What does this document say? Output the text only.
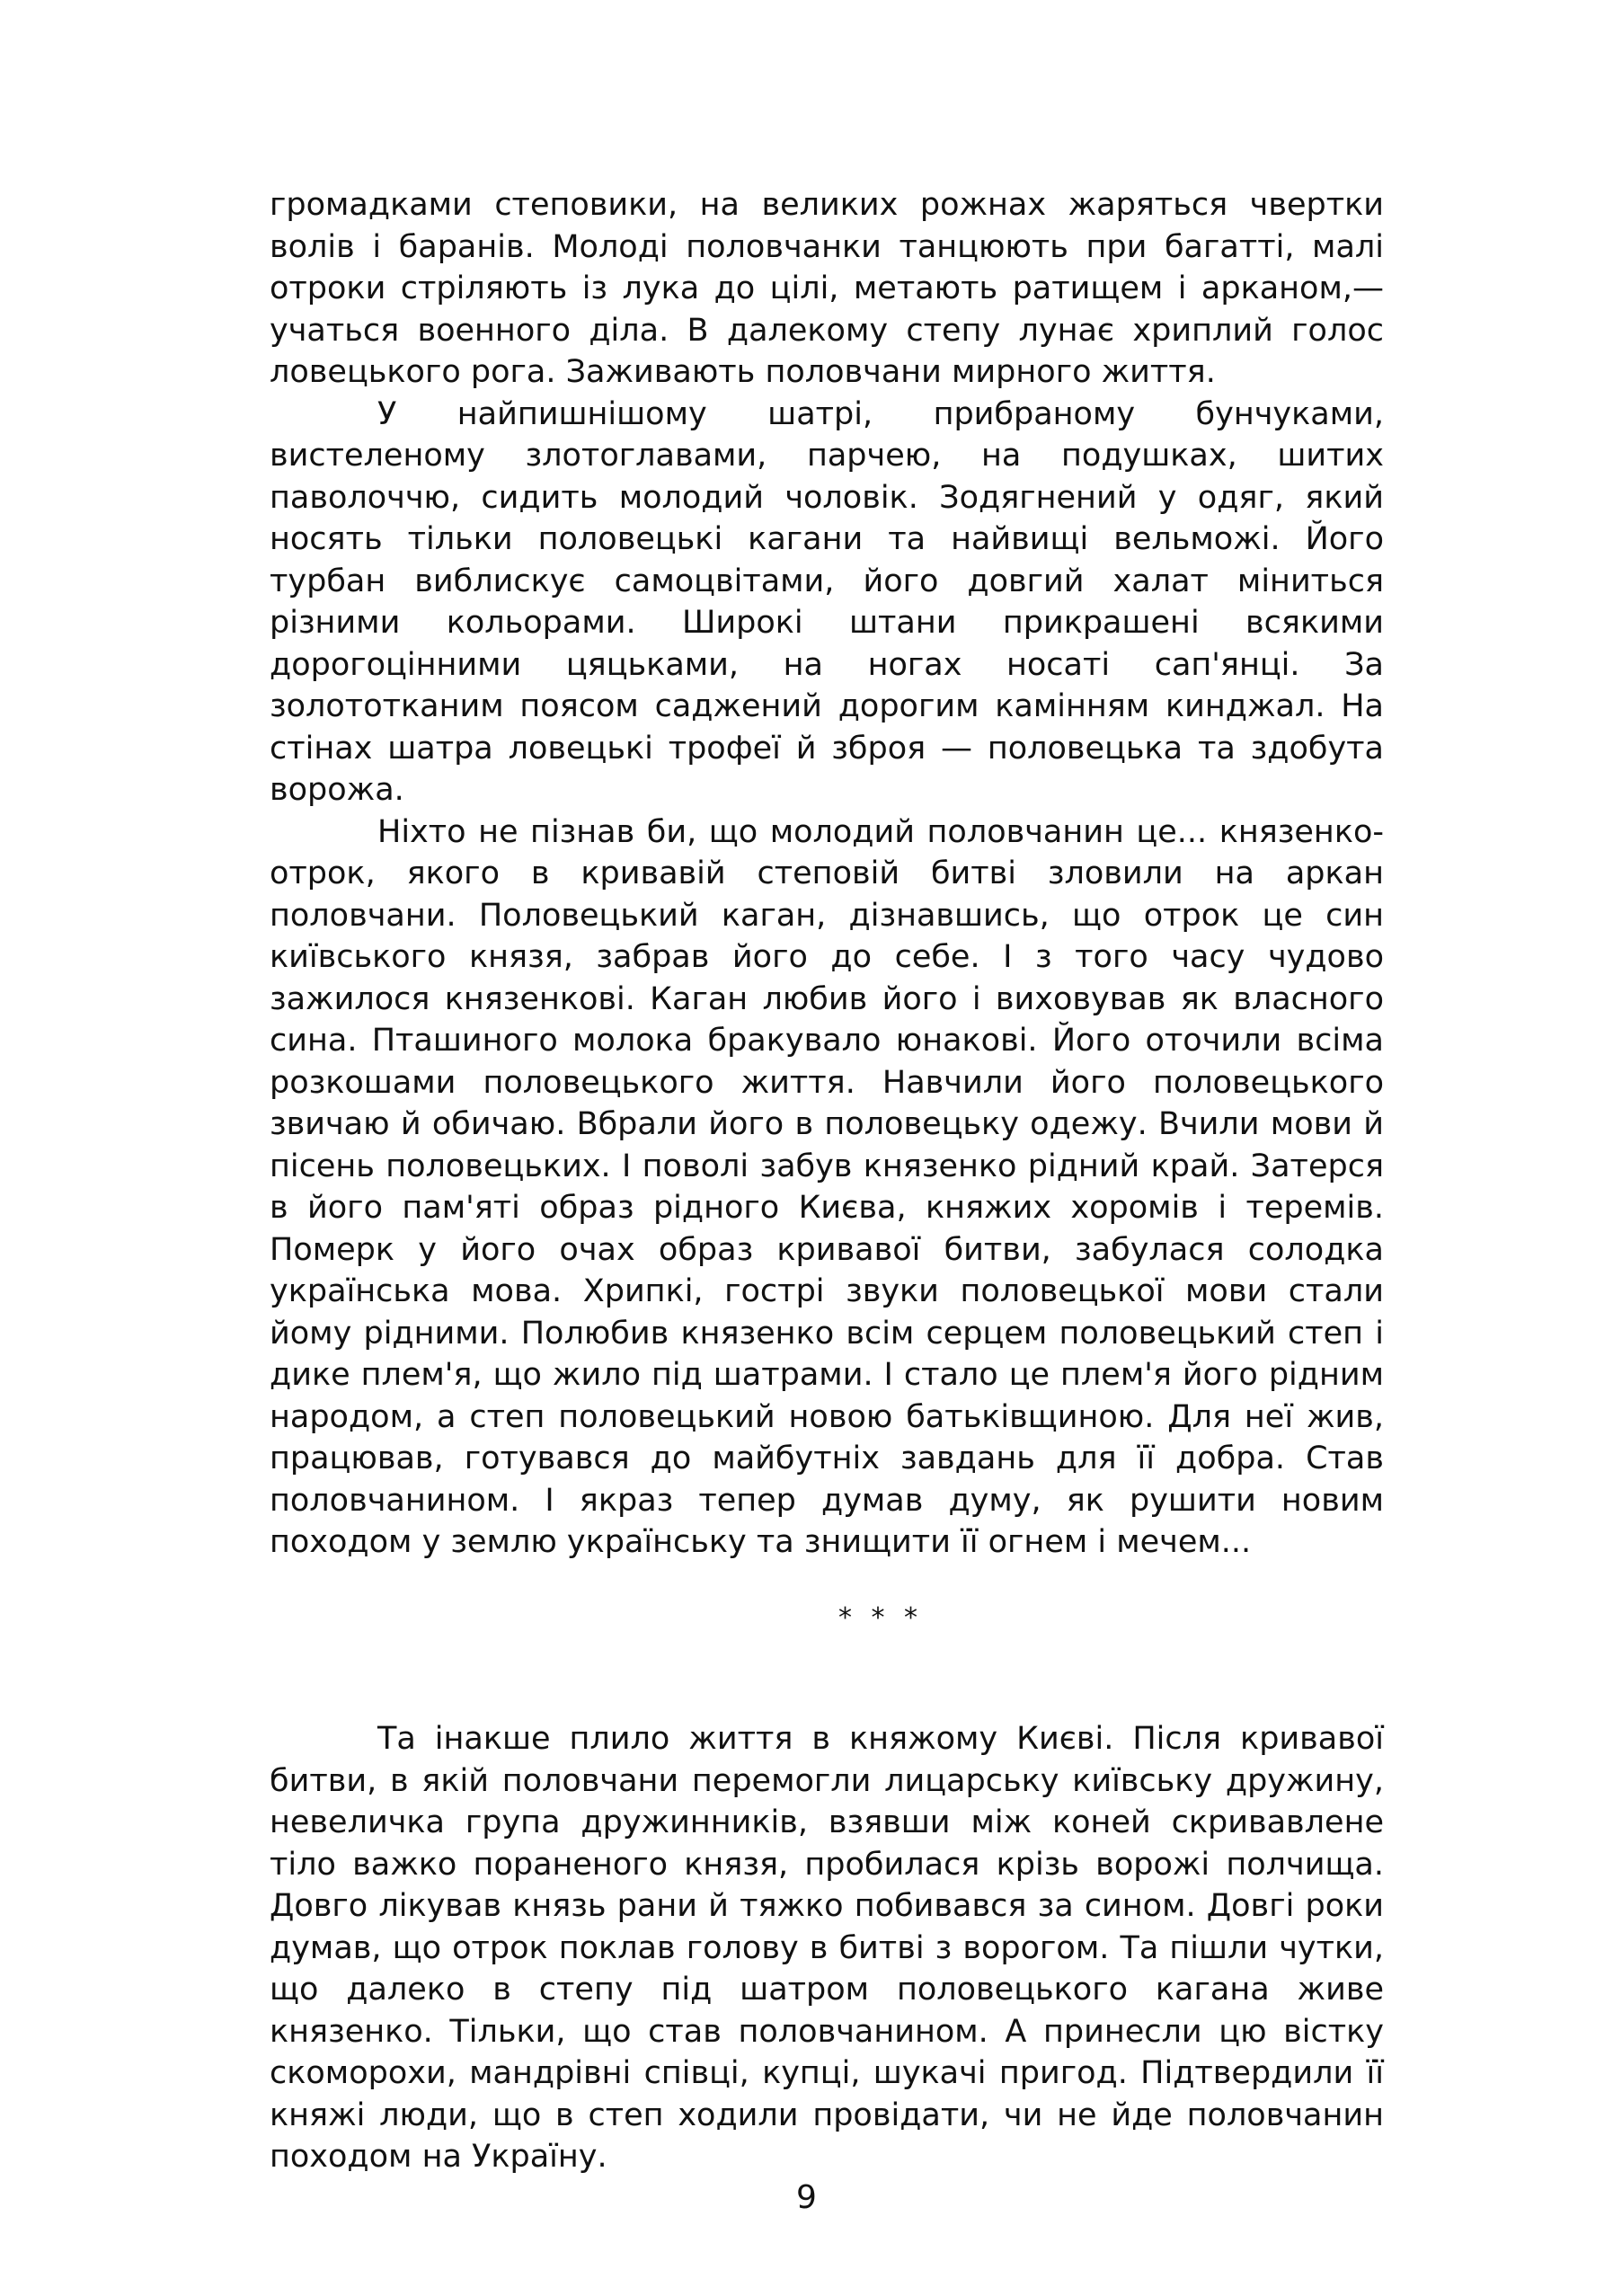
громадками степовики, на великих рожнах жаряться чвертки волів і баранів. Молоді половчанки танцюють при багатті, малі отроки стріляють із лука до цілі, метають ратищем і арканом,— учаться военного діла. В далекому степу лунає хриплий голос ловецького рога. Заживають половчани мирного життя.

У найпишнішому шатрі, прибраному бунчуками, вистеленому злотоглавами, парчею, на подушках, шитих паволоччю, сидить молодий чоловік. Зодягнений у одяг, який носять тільки половецькі кагани та найвищі вельможі. Його турбан виблискує самоцвітами, його довгий халат міниться різними кольорами. Широкі штани прикрашені всякими дорогоцінними цяцьками, на ногах носаті сап'янці. За золототканим поясом саджений дорогим камінням кинджал. На стінах шатра ловецькі трофеї й зброя — половецька та здобута ворожа.

Ніхто не пізнав би, що молодий половчанин це... князенко-отрок, якого в кривавій степовій битві зловили на аркан половчани. Половецький каган, дізнавшись, що отрок це син київського князя, забрав його до себе. І з того часу чудово зажилося князенкові. Каган любив його і виховував як власного сина. Пташиного молока бракувало юнакові. Його оточили всіма розкошами половецького життя. Навчили його половецького звичаю й обичаю. Вбрали його в половецьку одежу. Вчили мови й пісень половецьких. І поволі забув князенко рідний край. Затерся в його пам'яті образ рідного Києва, княжих хоромів і теремів. Померк у його очах образ кривавої битви, забулася солодка українська мова. Хрипкі, гострі звуки половецької мови стали йому рідними. Полюбив князенко всім серцем половецький степ і дике плем'я, що жило під шатрами. І стало це плем'я його рідним народом, а степ половецький новою батьківщиною. Для неї жив, працював, готувався до майбутніх завдань для її добра. Став половчанином. І якраз тепер думав думу, як рушити новим походом у землю українську та знищити її огнем і мечем...

* * *

Та інакше плило життя в княжому Києві. Після кривавої битви, в якій половчани перемогли лицарську київську дружину, невеличка група дружинників, взявши між коней скривавлене тіло важко пораненого князя, пробилася крізь ворожі полчища. Довго лікував князь рани й тяжко побивався за сином. Довгі роки думав, що отрок поклав голову в битві з ворогом. Та пішли чутки, що далеко в степу під шатром половецького кагана живе князенко. Тільки, що став половчанином. А принесли цю вістку скоморохи, мандрівні співці, купці, шукачі пригод. Підтвердили її княжі люди, що в степ ходили провідати, чи не йде половчанин походом на Україну.

9
